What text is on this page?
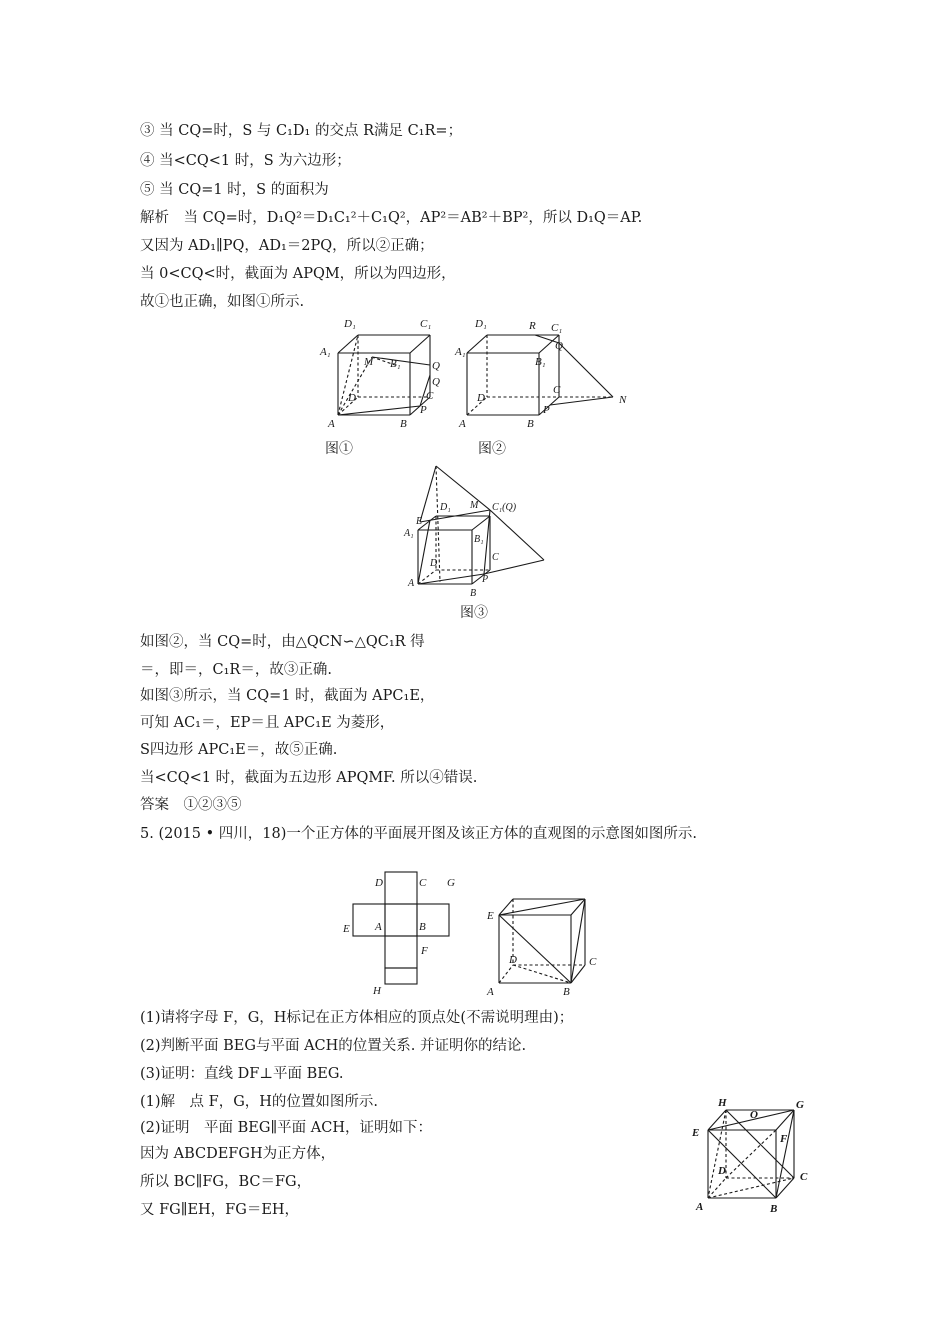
③ 当 CQ=时，S 与 C₁D₁ 的交点 R满足 C₁R=；
④ 当<CQ<1 时，S 为六边形；
⑤ 当 CQ=1 时，S 的面积为
解析　当 CQ=时，D₁Q²＝D₁C₁²＋C₁Q²，AP²＝AB²＋BP²，所以 D₁Q＝AP.
又因为 AD₁∥PQ，AD₁＝2PQ，所以②正确；
当 0<CQ<时，截面为 APQM，所以为四边形，
故①也正确，如图①所示.
D₁	C₁
A₁
M B₁	Q
Q
D	C
P
A	B
图①
D₁	R C₁
A₁
B₁
Q
D
C
P
N
A	B
图②
D₁ M C₁(Q)
E
A₁
B₁
C
D
P
A
B
图③
如图②，当 CQ=时，由△QCN∽△QC₁R 得
＝，即＝，C₁R＝，故③正确.
如图③所示，当 CQ=1 时，截面为 APC₁E，
可知 AC₁＝，EP＝且 APC₁E 为菱形，
S四边形 APC₁E＝，故⑤正确.
当<CQ<1 时，截面为五边形 APQMF. 所以④错误.
答案　①②③⑤
5. (2015 • 四川，18)一个正方体的平面展开图及该正方体的直观图的示意图如图所示.
D	C G
E A	B
F
H
E
D	C
A	B
(1)请将字母 F，G，H标记在正方体相应的顶点处(不需说明理由)；
(2)判断平面 BEG与平面 ACH的位置关系. 并证明你的结论.
(3)证明：直线 DF⊥平面 BEG.
(1)解　点 F，G，H的位置如图所示.
(2)证明　平面 BEG∥平面 ACH，证明如下：
因为 ABCDEFGH为正方体，
所以 BC∥FG，BC＝FG，
又 FG∥EH，FG＝EH，
H
O
G
E	F
D	C
A	B
